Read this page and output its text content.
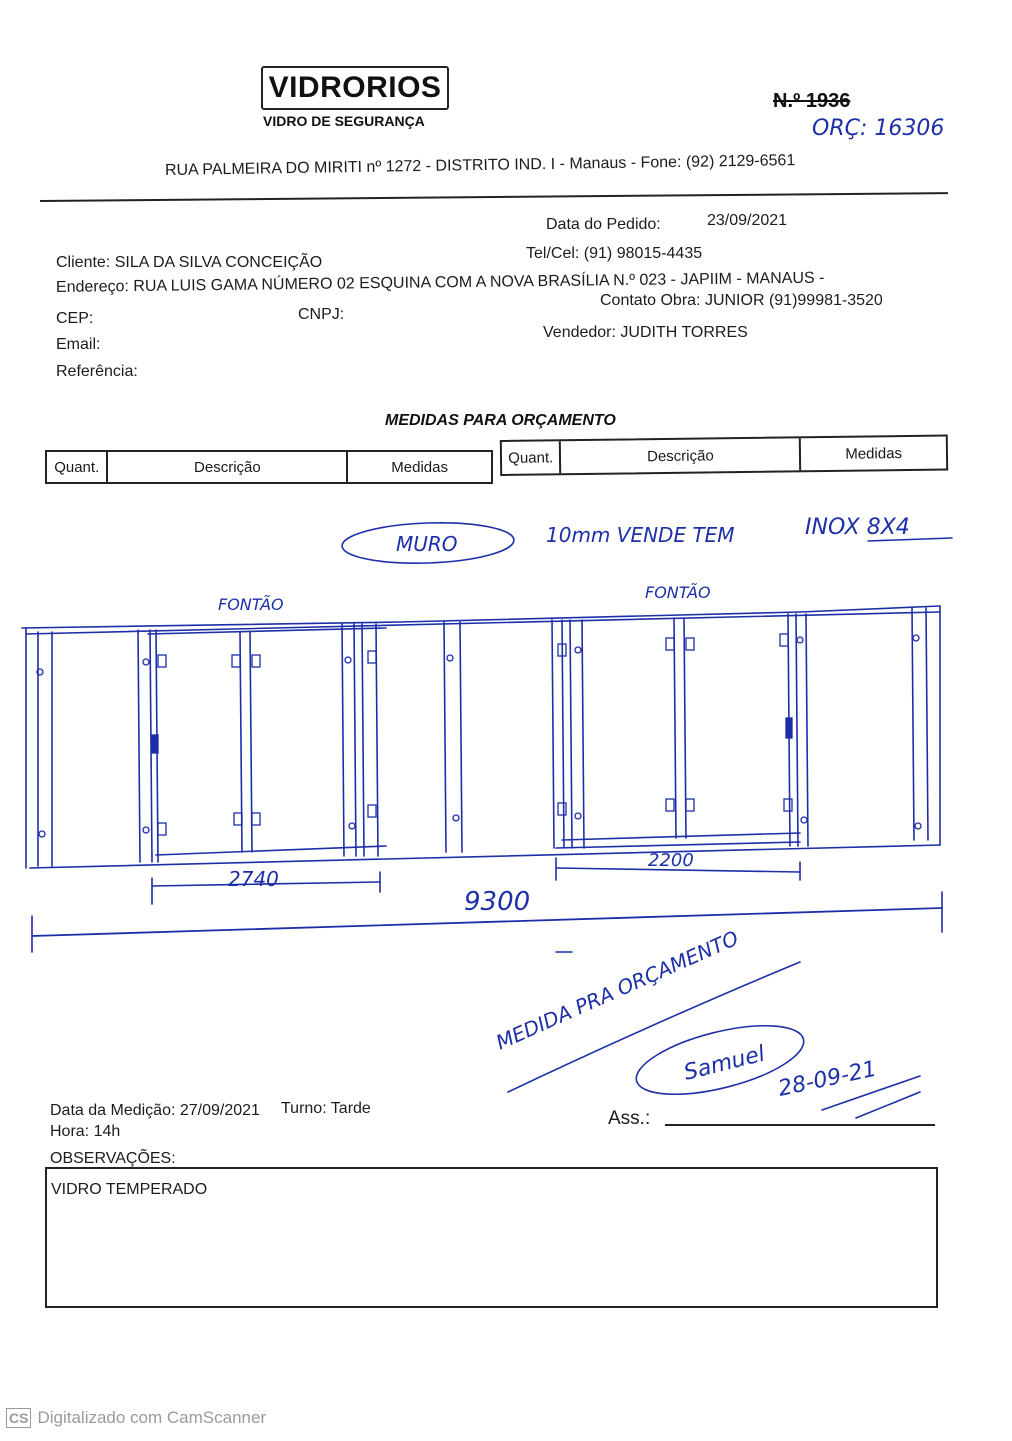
VIDRORIOS
VIDRO DE SEGURANÇA
N.º 1936
ORÇ: 16306
RUA PALMEIRA DO MIRITI nº 1272 - DISTRITO IND. I - Manaus - Fone: (92) 2129-6561
Data do Pedido:	23/09/2021
Cliente: SILA DA SILVA CONCEIÇÃO
Tel/Cel: (91) 98015-4435
Endereço: RUA LUIS GAMA NÚMERO 02 ESQUINA COM A NOVA BRASÍLIA N.º 023 - JAPIIM - MANAUS -
CEP:	CNPJ:
Contato Obra: JUNIOR (91)99981-3520
Email:
Vendedor: JUDITH TORRES
Referência:
MEDIDAS PARA ORÇAMENTO
Quant.	Descrição	Medidas
Quant.	Descrição	Medidas
MURO	10mm VENDE TEM	INOX 8X4
FONTÃO
FONTÃO
2740
2200
9300
MEDIDA PRA ORÇAMENTO
Samuel 28-09-21
Data da Medição: 27/09/2021 Turno: Tarde
Hora: 14h
Ass.:
OBSERVAÇÕES:
VIDRO TEMPERADO
CS Digitalizado com CamScanner
